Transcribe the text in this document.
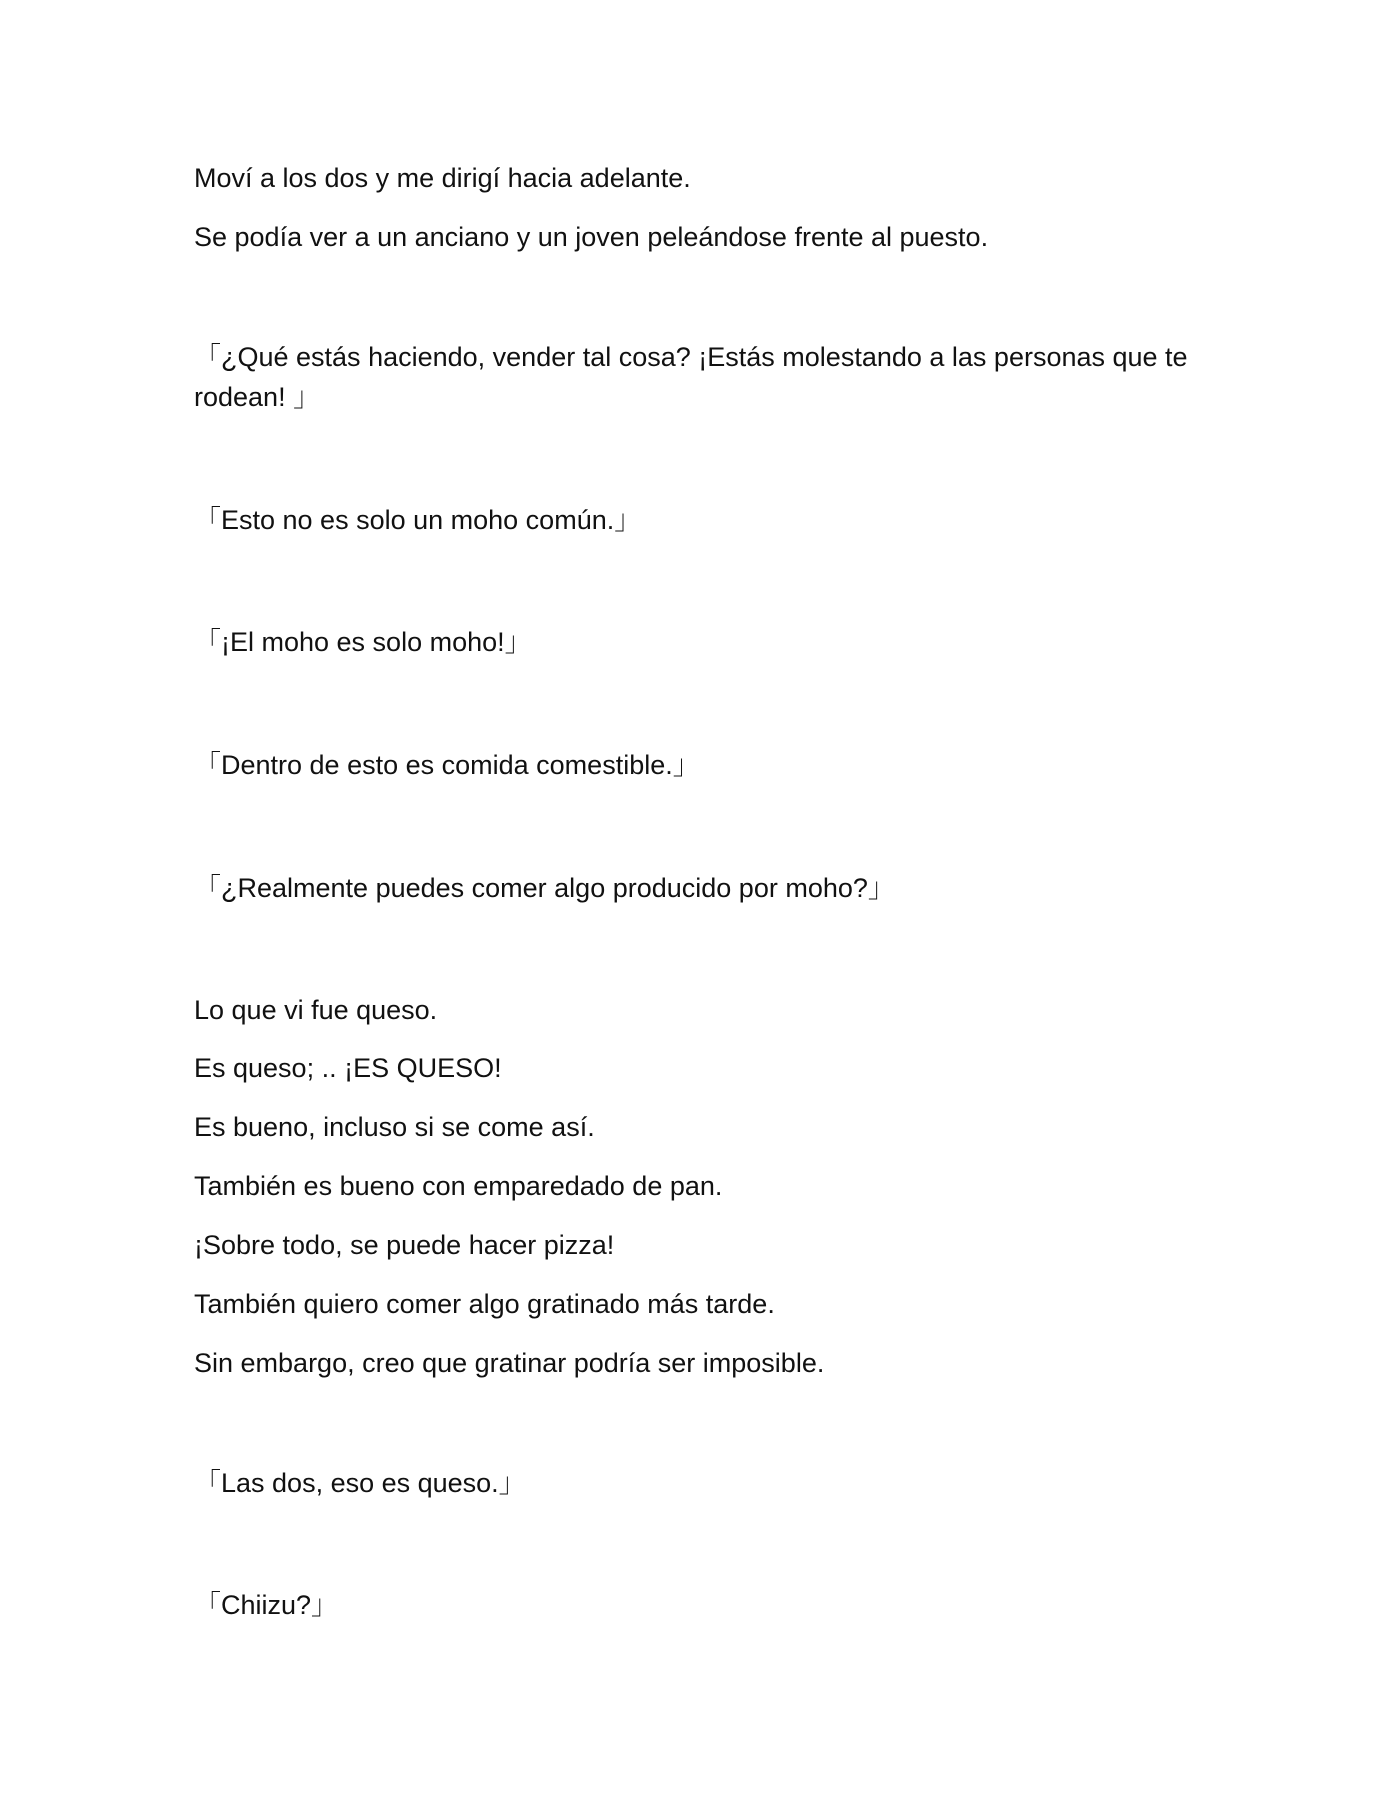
Moví a los dos y me dirigí hacia adelante.

Se podía ver a un anciano y un joven peleándose frente al puesto.

「¿Qué estás haciendo, vender tal cosa? ¡Estás molestando a las personas que te rodean! 」

「Esto no es solo un moho común.」

「¡El moho es solo moho!」

「Dentro de esto es comida comestible.」

「¿Realmente puedes comer algo producido por moho?」

Lo que vi fue queso.

Es queso; .. ¡ES QUESO!

Es bueno, incluso si se come así.

También es bueno con emparedado de pan.

¡Sobre todo, se puede hacer pizza!

También quiero comer algo gratinado más tarde.

Sin embargo, creo que gratinar podría ser imposible.

「Las dos, eso es queso.」

「Chiizu?」
